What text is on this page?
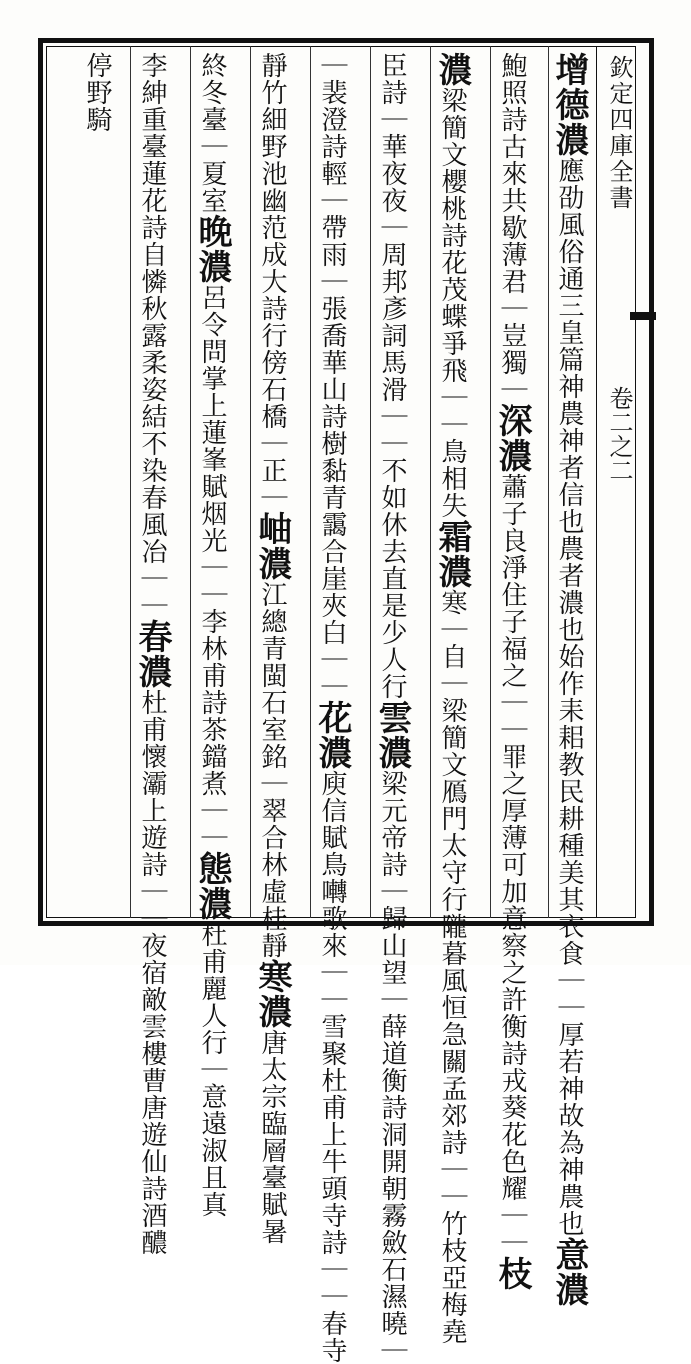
欽定四庫全書
卷二之二
增德濃應劭風俗通三皇篇神農神者信也農者濃也始作耒耜教民耕種美其衣食｜｜厚若神故為神農也意濃
鮑照詩古來共歇薄君｜豈獨｜深濃蕭子良淨住子福之｜｜罪之厚薄可加意察之許衡詩戎葵花色耀｜｜枝
濃梁簡文櫻桃詩花茂蝶爭飛｜｜鳥相失霜濃寒｜自｜梁簡文鴈門太守行隴暮風恒急關孟郊詩｜｜竹枝亞梅堯
臣詩｜華夜夜｜周邦彥詞馬滑｜｜不如休去直是少人行雲濃梁元帝詩｜歸山望｜薛道衡詩洞開朝霧斂石濕曉｜
｜裴澄詩輕｜帶雨｜張喬華山詩樹黏青靄合崖夾白｜｜花濃庾信賦鳥囀歌來｜｜雪聚杜甫上牛頭寺詩｜｜春寺
靜竹細野池幽范成大詩行傍石橋｜正｜岫濃江總青閩石室銘｜翠合林虛桂靜寒濃唐太宗臨層臺賦暑
終冬臺｜夏室晚濃呂令問掌上蓮峯賦烟光｜｜李林甫詩茶鐺煮｜｜態濃杜甫麗人行｜意遠淑且真
李紳重臺蓮花詩自憐秋露柔姿結不染春風冶｜｜春濃杜甫懷灞上遊詩｜｜夜宿敵雲樓曹唐遊仙詩酒醲
停野騎
